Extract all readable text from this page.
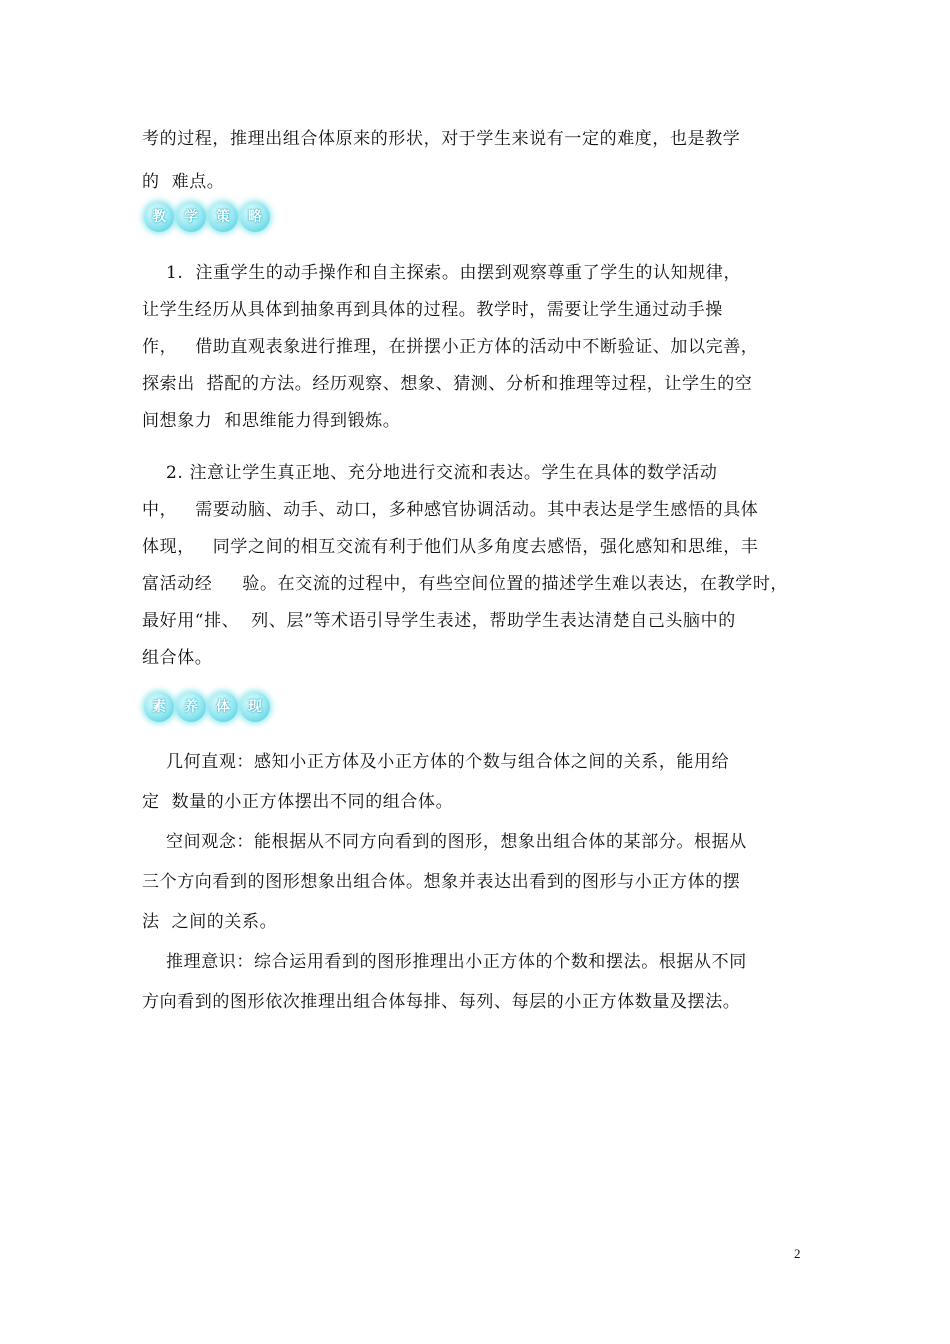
考的过程，推理出组合体原来的形状，对于学生来说有一定的难度，也是教学
的  难点。
教	学	策	略
1.  注重学生的动手操作和自主探索。由摆到观察尊重了学生的认知规律，
让学生经历从具体到抽象再到具体的过程。教学时，需要让学生通过动手操
作，   借助直观表象进行推理，在拼摆小正方体的活动中不断验证、加以完善，
探索出  搭配的方法。经历观察、想象、猜测、分析和推理等过程，让学生的空
间想象力  和思维能力得到锻炼。
2. 注意让学生真正地、充分地进行交流和表达。学生在具体的数学活动
中，   需要动脑、动手、动口，多种感官协调活动。其中表达是学生感悟的具体
体现，   同学之间的相互交流有利于他们从多角度去感悟，强化感知和思维，丰
富活动经     验。在交流的过程中，有些空间位置的描述学生难以表达，在教学时，
最好用“排、  列、层”等术语引导学生表述，帮助学生表达清楚自己头脑中的
组合体。
素	养	体	现
几何直观：感知小正方体及小正方体的个数与组合体之间的关系，能用给
定  数量的小正方体摆出不同的组合体。
空间观念：能根据从不同方向看到的图形，想象出组合体的某部分。根据从
三个方向看到的图形想象出组合体。想象并表达出看到的图形与小正方体的摆
法  之间的关系。
推理意识：综合运用看到的图形推理出小正方体的个数和摆法。根据从不同
方向看到的图形依次推理出组合体每排、每列、每层的小正方体数量及摆法。
2
